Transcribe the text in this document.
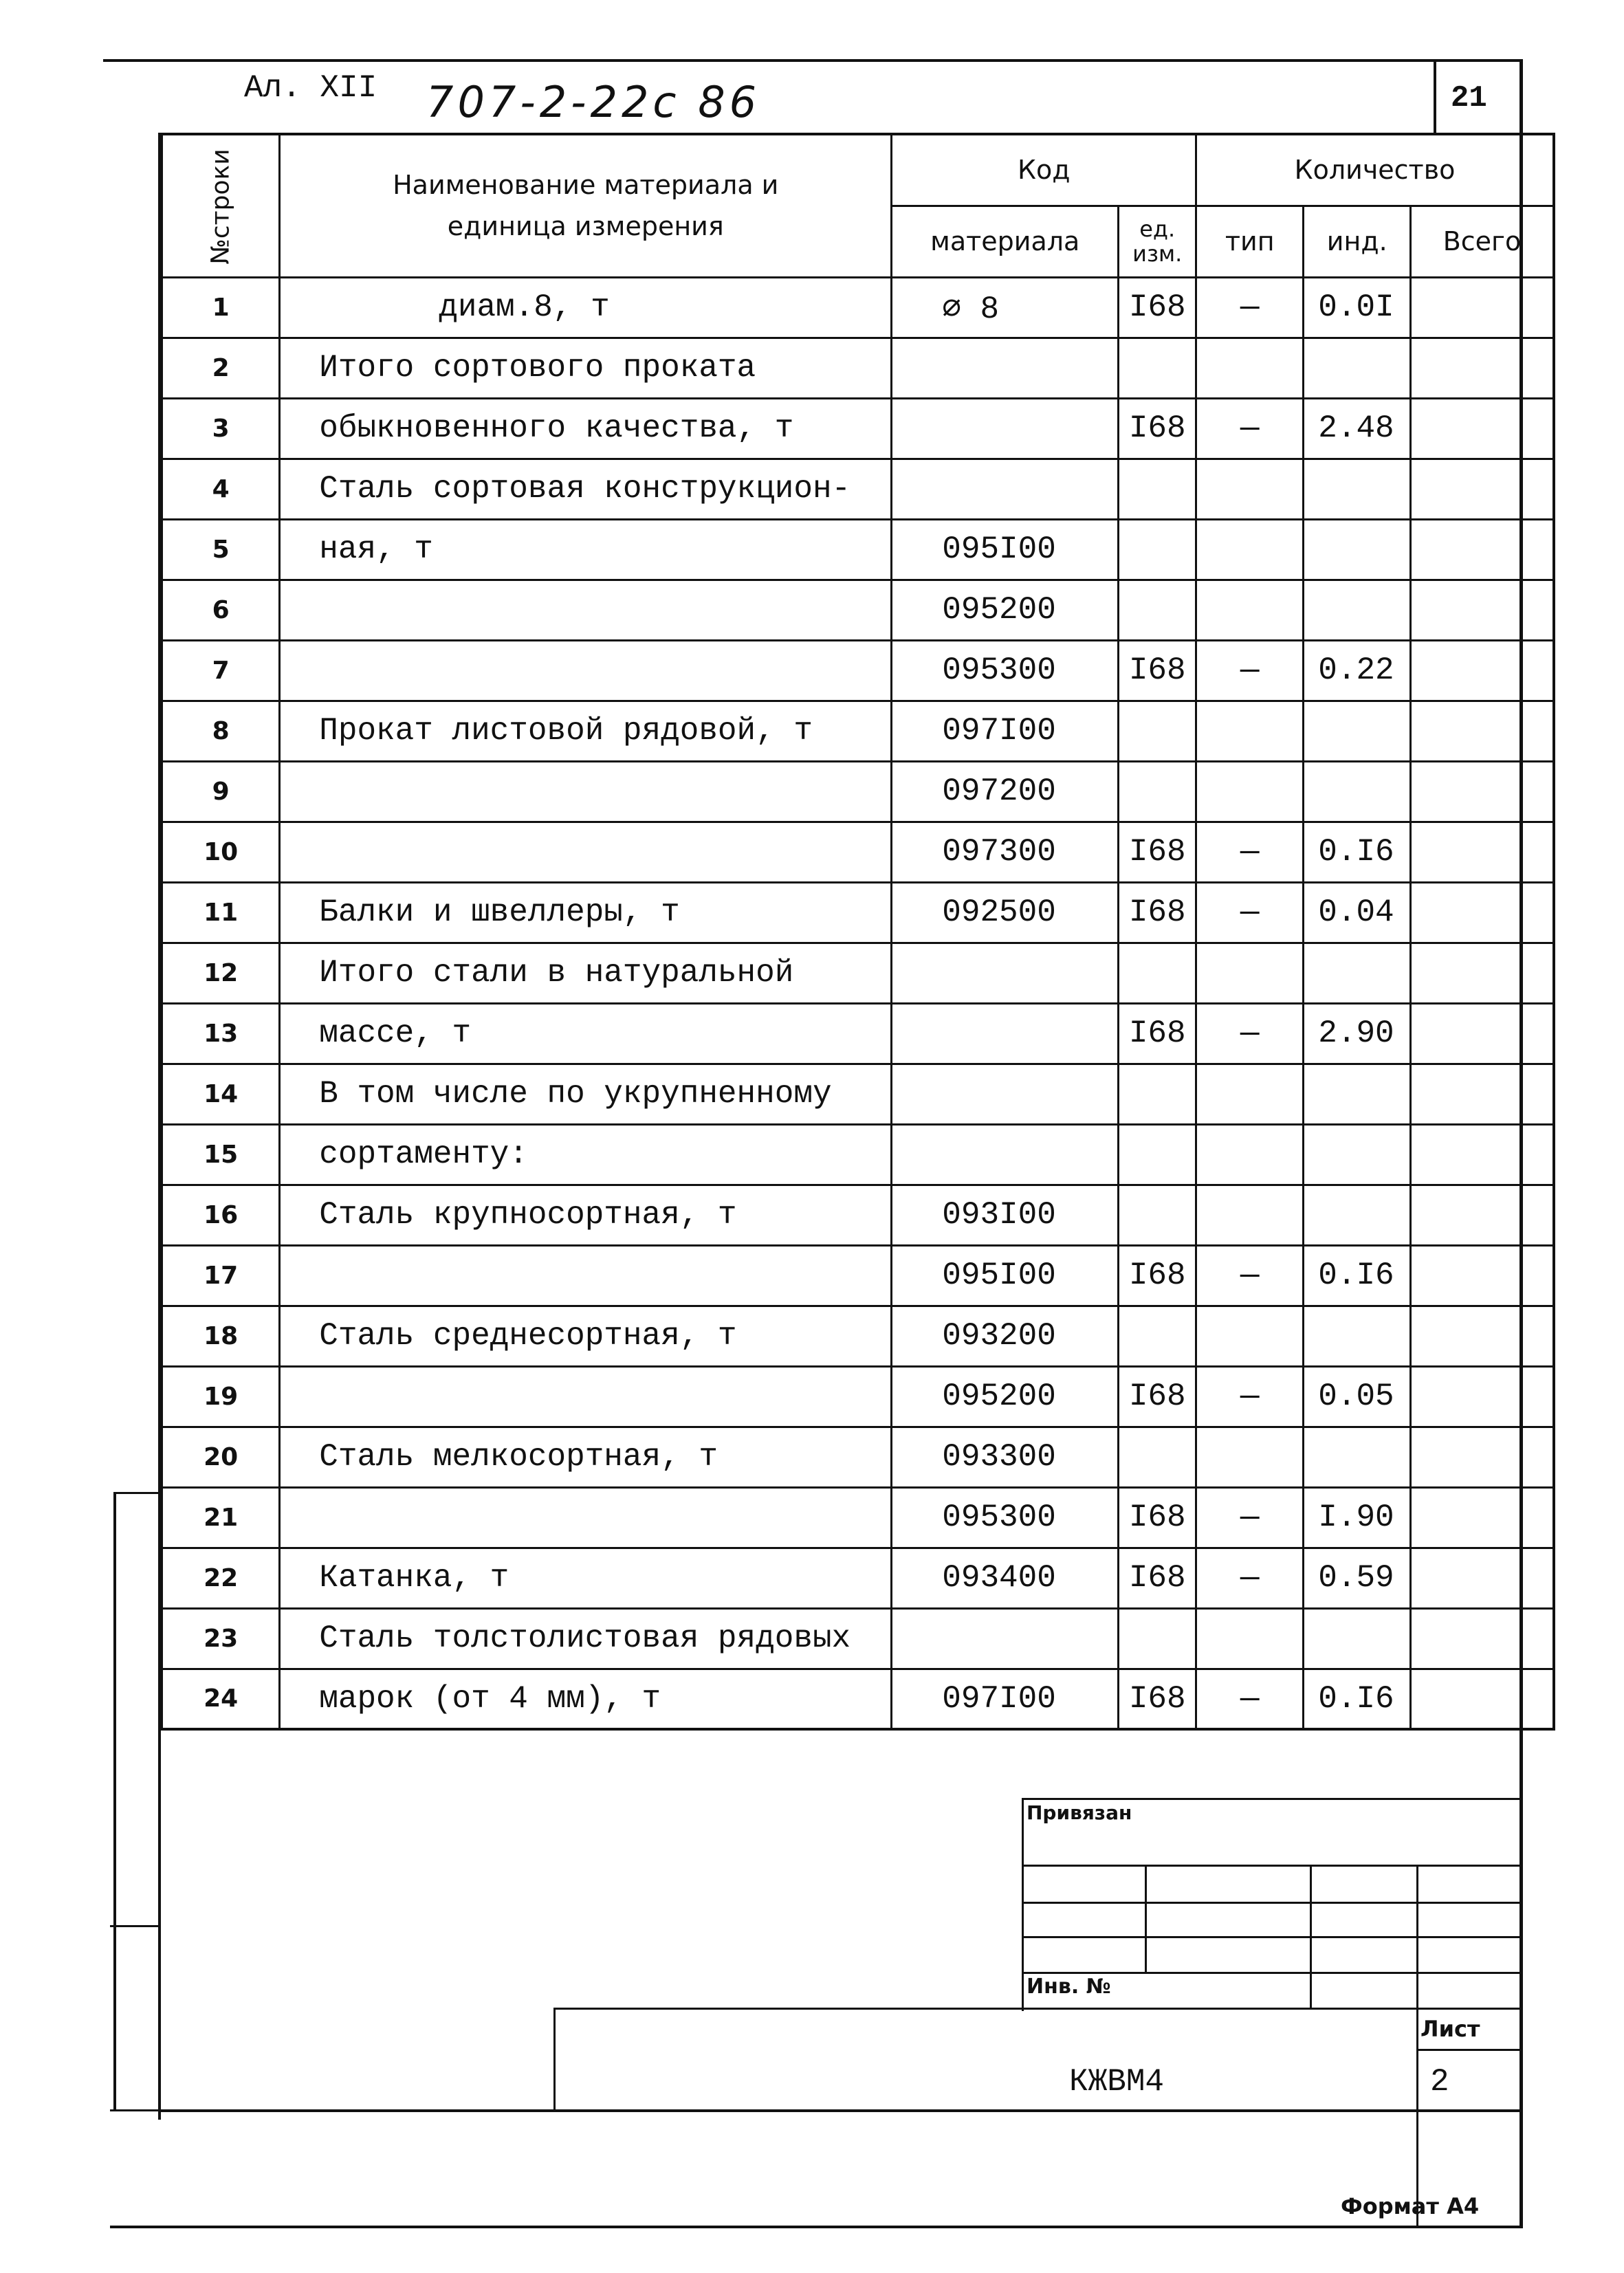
Ал. XII 707-2-22с 86	21
№строки	Наименование материала и единица измерения	Код		Количество		
		материала	ед. изм.	тип	инд.	Всего
1	диам.8, т	∅ 8	I68	—	0.0I	
2	Итого сортового проката					
3	обыкновенного качества, т		I68	—	2.48	
4	Сталь сортовая конструкцион-					
5	ная, т	095I00				
6		095200				
7		095300	I68	—	0.22	
8	Прокат листовой рядовой, т	097I00				
9		097200				
10		097300	I68	—	0.I6	
11	Балки и швеллеры, т	092500	I68	—	0.04	
12	Итого стали в натуральной					
13	массе, т		I68	—	2.90	
14	В том числе по укрупненному					
15	сортаменту:					
16	Сталь крупносортная, т	093I00				
17		095I00	I68	—	0.I6	
18	Сталь среднесортная, т	093200				
19		095200	I68	—	0.05	
20	Сталь мелкосортная, т	093300				
21		095300	I68	—	I.90	
22	Катанка, т	093400	I68	—	0.59	
23	Сталь толстолистовая рядовых					
24	марок (от 4 мм), т	097I00	I68	—	0.I6	
Привязан
Инв. №
Лист
КЖВМ4	2
Формат А4
